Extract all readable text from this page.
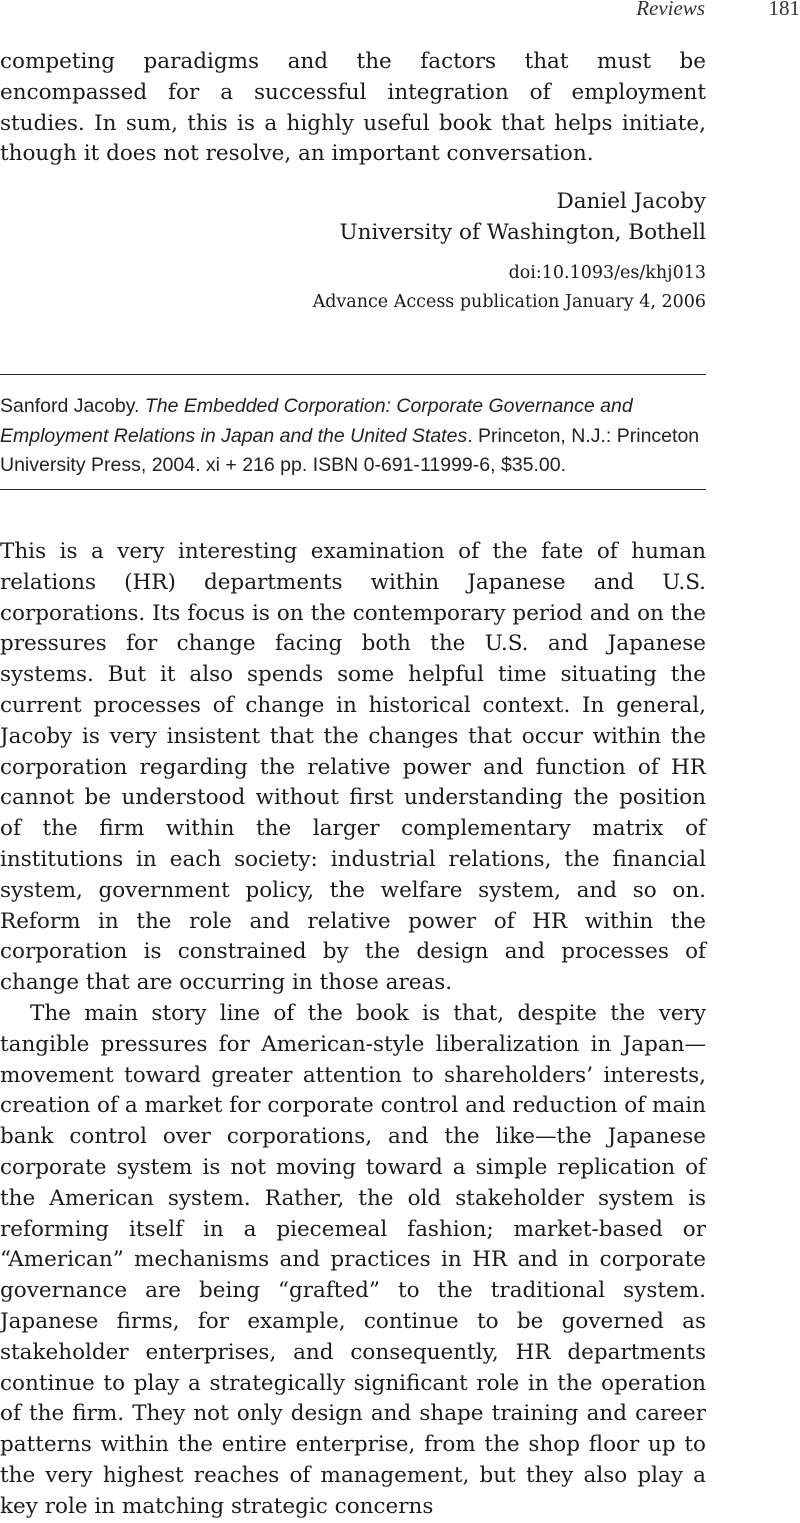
Reviews	181

competing paradigms and the factors that must be encompassed for a successful integration of employment studies. In sum, this is a highly useful book that helps initiate, though it does not resolve, an important conversation.

Daniel Jacoby
University of Washington, Bothell
doi:10.1093/es/khj013
Advance Access publication January 4, 2006
Sanford Jacoby. The Embedded Corporation: Corporate Governance and Employment Relations in Japan and the United States. Princeton, N.J.: Princeton University Press, 2004. xi + 216 pp. ISBN 0-691-11999-6, $35.00.

This is a very interesting examination of the fate of human relations (HR) departments within Japanese and U.S. corporations. Its focus is on the contemporary period and on the pressures for change facing both the U.S. and Japanese systems. But it also spends some helpful time situating the current processes of change in historical context. In general, Jacoby is very insistent that the changes that occur within the corporation regarding the relative power and function of HR cannot be understood without first understanding the position of the firm within the larger complementary matrix of institutions in each society: industrial relations, the financial system, government policy, the welfare system, and so on. Reform in the role and relative power of HR within the corporation is constrained by the design and processes of change that are occurring in those areas.

The main story line of the book is that, despite the very tangible pressures for American-style liberalization in Japan—movement toward greater attention to shareholders’ interests, creation of a market for corporate control and reduction of main bank control over corporations, and the like—the Japanese corporate system is not moving toward a simple replication of the American system. Rather, the old stakeholder system is reforming itself in a piecemeal fashion; market-based or “American” mechanisms and practices in HR and in corporate governance are being “grafted” to the traditional system. Japanese firms, for example, continue to be governed as stakeholder enterprises, and consequently, HR departments continue to play a strategically significant role in the operation of the firm. They not only design and shape training and career patterns within the entire enterprise, from the shop floor up to the very highest reaches of management, but they also play a key role in matching strategic concerns
